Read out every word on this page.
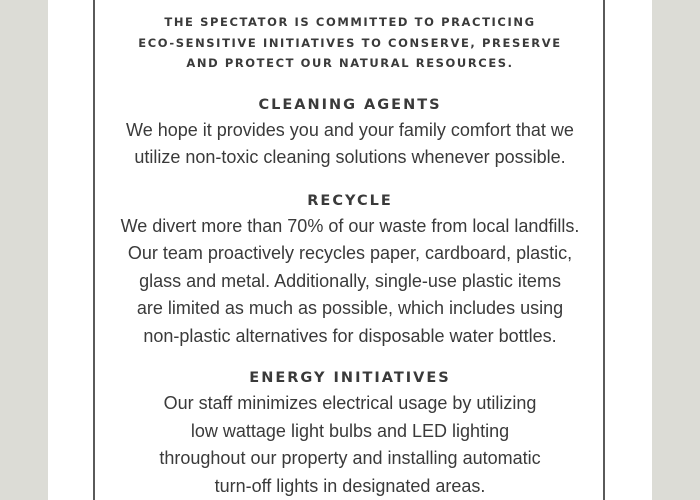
THE SPECTATOR IS COMMITTED TO PRACTICING
ECO-SENSITIVE INITIATIVES TO CONSERVE, PRESERVE
AND PROTECT OUR NATURAL RESOURCES.
CLEANING AGENTS
We hope it provides you and your family comfort that we
utilize non-toxic cleaning solutions whenever possible.
RECYCLE
We divert more than 70% of our waste from local landfills.
Our team proactively recycles paper, cardboard, plastic,
glass and metal. Additionally, single-use plastic items
are limited as much as possible, which includes using
non-plastic alternatives for disposable water bottles.
ENERGY INITIATIVES
Our staff minimizes electrical usage by utilizing
low wattage light bulbs and LED lighting
throughout our property and installing automatic
turn-off lights in designated areas.
